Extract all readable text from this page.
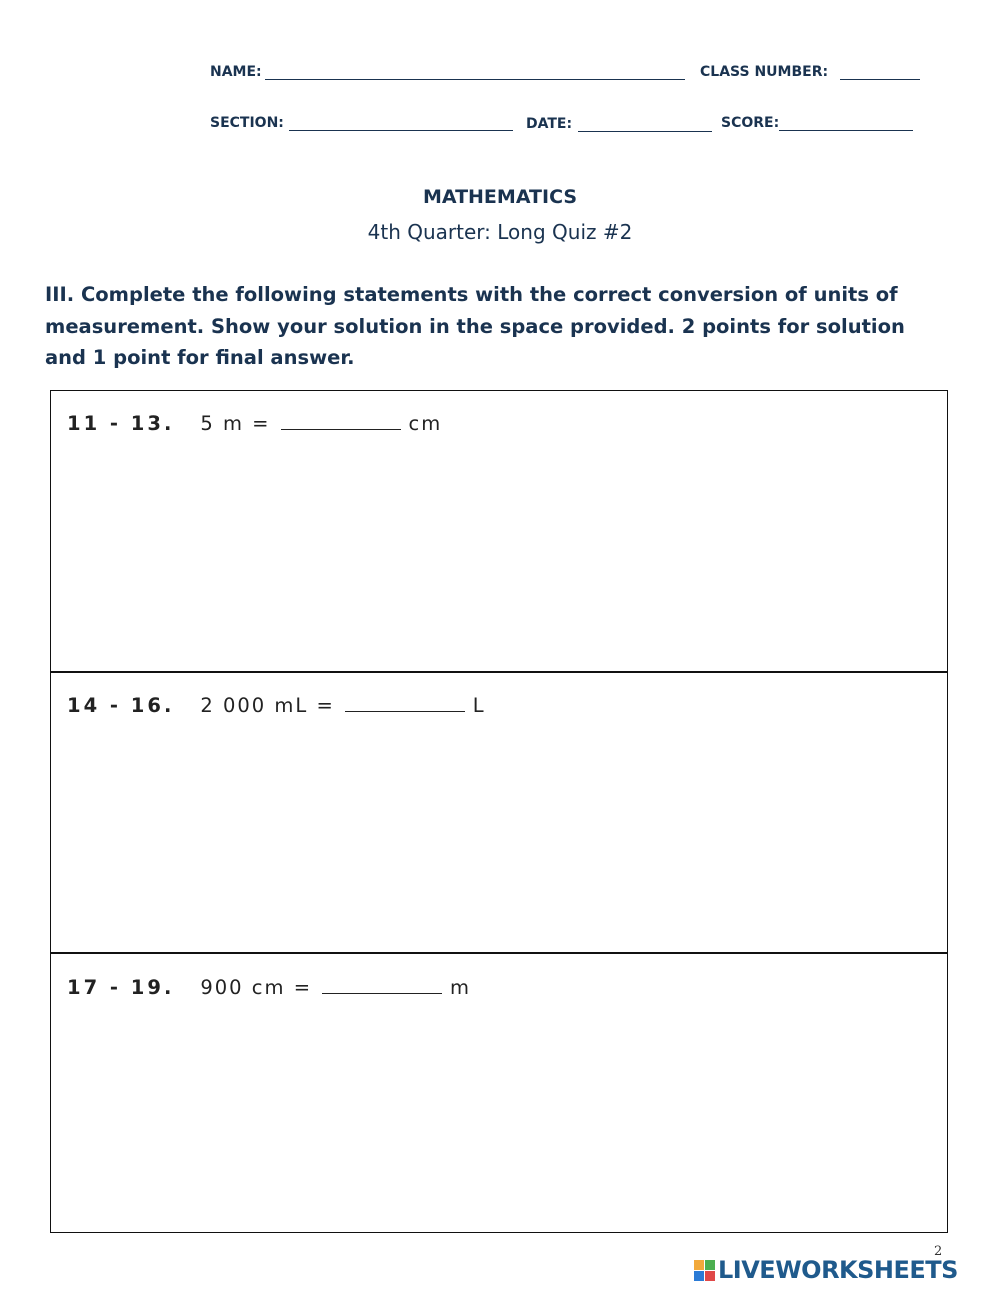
NAME:	CLASS NUMBER:
SECTION:	DATE:	SCORE:
MATHEMATICS
4th Quarter: Long Quiz #2
III. Complete the following statements with the correct conversion of units of measurement. Show your solution in the space provided. 2 points for solution and 1 point for final answer.
11 - 13. 5 m =	cm
14 - 16. 2 000 mL =	L
17 - 19. 900 cm =	m
2
LIVEWORKSHEETS
